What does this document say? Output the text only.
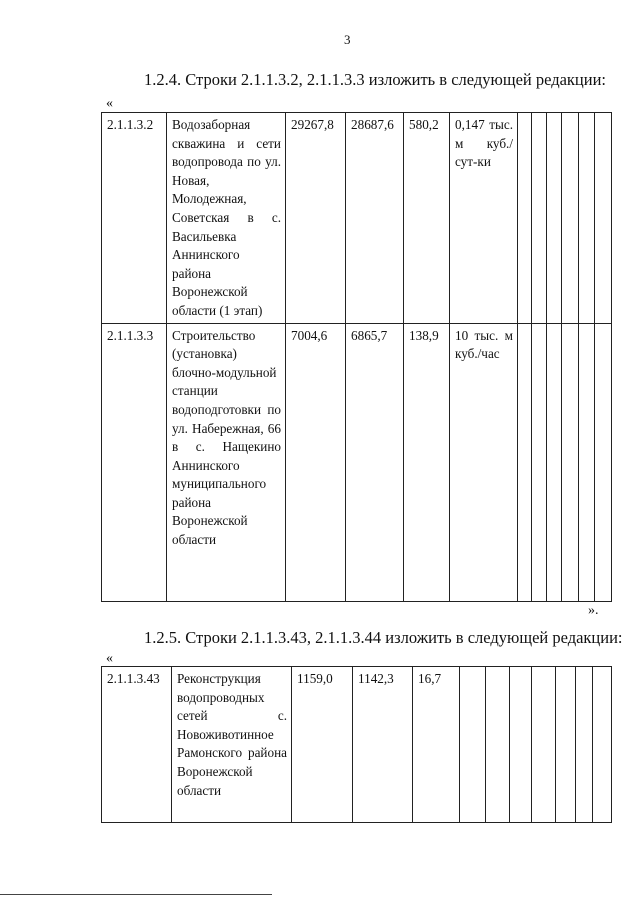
3
1.2.4. Строки 2.1.1.3.2, 2.1.1.3.3 изложить в следующей редакции:
«
2.1.1.3.2	Водозаборная скважина и сети водопровода по ул. Новая, Молодежная, Советская в с. Васильевка Аннинского района Воронежской области (1 этап)	29267,8	28687,6	580,2	0,147 тыс. м куб./сут-ки						
2.1.1.3.3	Строительство (установка) блочно-модульной станции водоподготовки по ул. Набережная, 66 в с. Нащекино Аннинского муниципального района Воронежской области	7004,6	6865,7	138,9	10 тыс. м куб./час						
».
1.2.5. Строки 2.1.1.3.43, 2.1.1.3.44 изложить в следующей редакции:
«
2.1.1.3.43	Реконструкция водопроводных сетей с. Новоживотинное Рамонского района Воронежской области	1159,0	1142,3	16,7							
